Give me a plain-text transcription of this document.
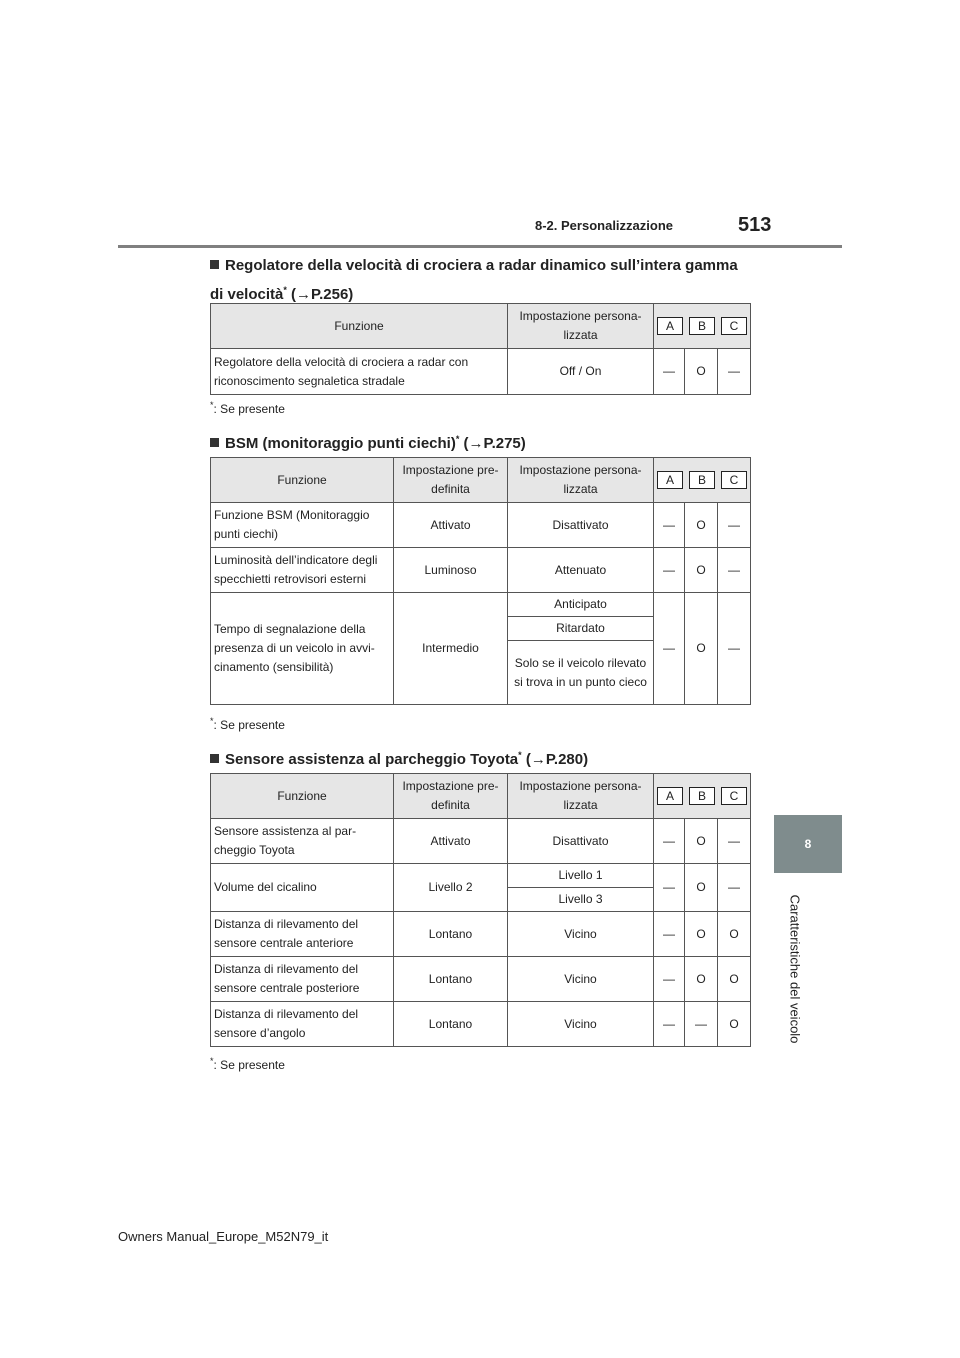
8-2. Personalizzazione	513
8
Caratteristiche del veicolo
Regolatore della velocità di crociera a radar dinamico sull’intera gamma di velocità* (→P.256)
Funzione	Impostazione persona-lizzata	A B C		

Regolatore della velocità di crociera a radar con riconoscimento segnaletica stradale	Off / On	—	O	—
*: Se presente
BSM (monitoraggio punti ciechi)* (→P.275)
Funzione	Impostazione pre-definita	Impostazione persona-lizzata	A B C		

Funzione BSM (Monitoraggio punti ciechi)	Attivato	Disattivato	—	O	—
Luminosità dell’indicatore degli specchietti retrovisori esterni	Luminoso	Attenuato	—	O	—
Tempo di segnalazione della presenza di un veicolo in avvi-cinamento (sensibilità)	Intermedio	Anticipato	—	O	—
		Ritardato			
		Solo se il veicolo rilevato si trova in un punto cieco			
*: Se presente
Sensore assistenza al parcheggio Toyota* (→P.280)
Funzione	Impostazione pre-definita	Impostazione persona-lizzata	A B C		

Sensore assistenza al par-cheggio Toyota	Attivato	Disattivato	—	O	—
Volume del cicalino	Livello 2	Livello 1	—	O	—
		Livello 3			
Distanza di rilevamento del sensore centrale anteriore	Lontano	Vicino	—	O	O
Distanza di rilevamento del sensore centrale posteriore	Lontano	Vicino	—	O	O
Distanza di rilevamento del sensore d’angolo	Lontano	Vicino	—	—	O
*: Se presente
Owners Manual_Europe_M52N79_it
